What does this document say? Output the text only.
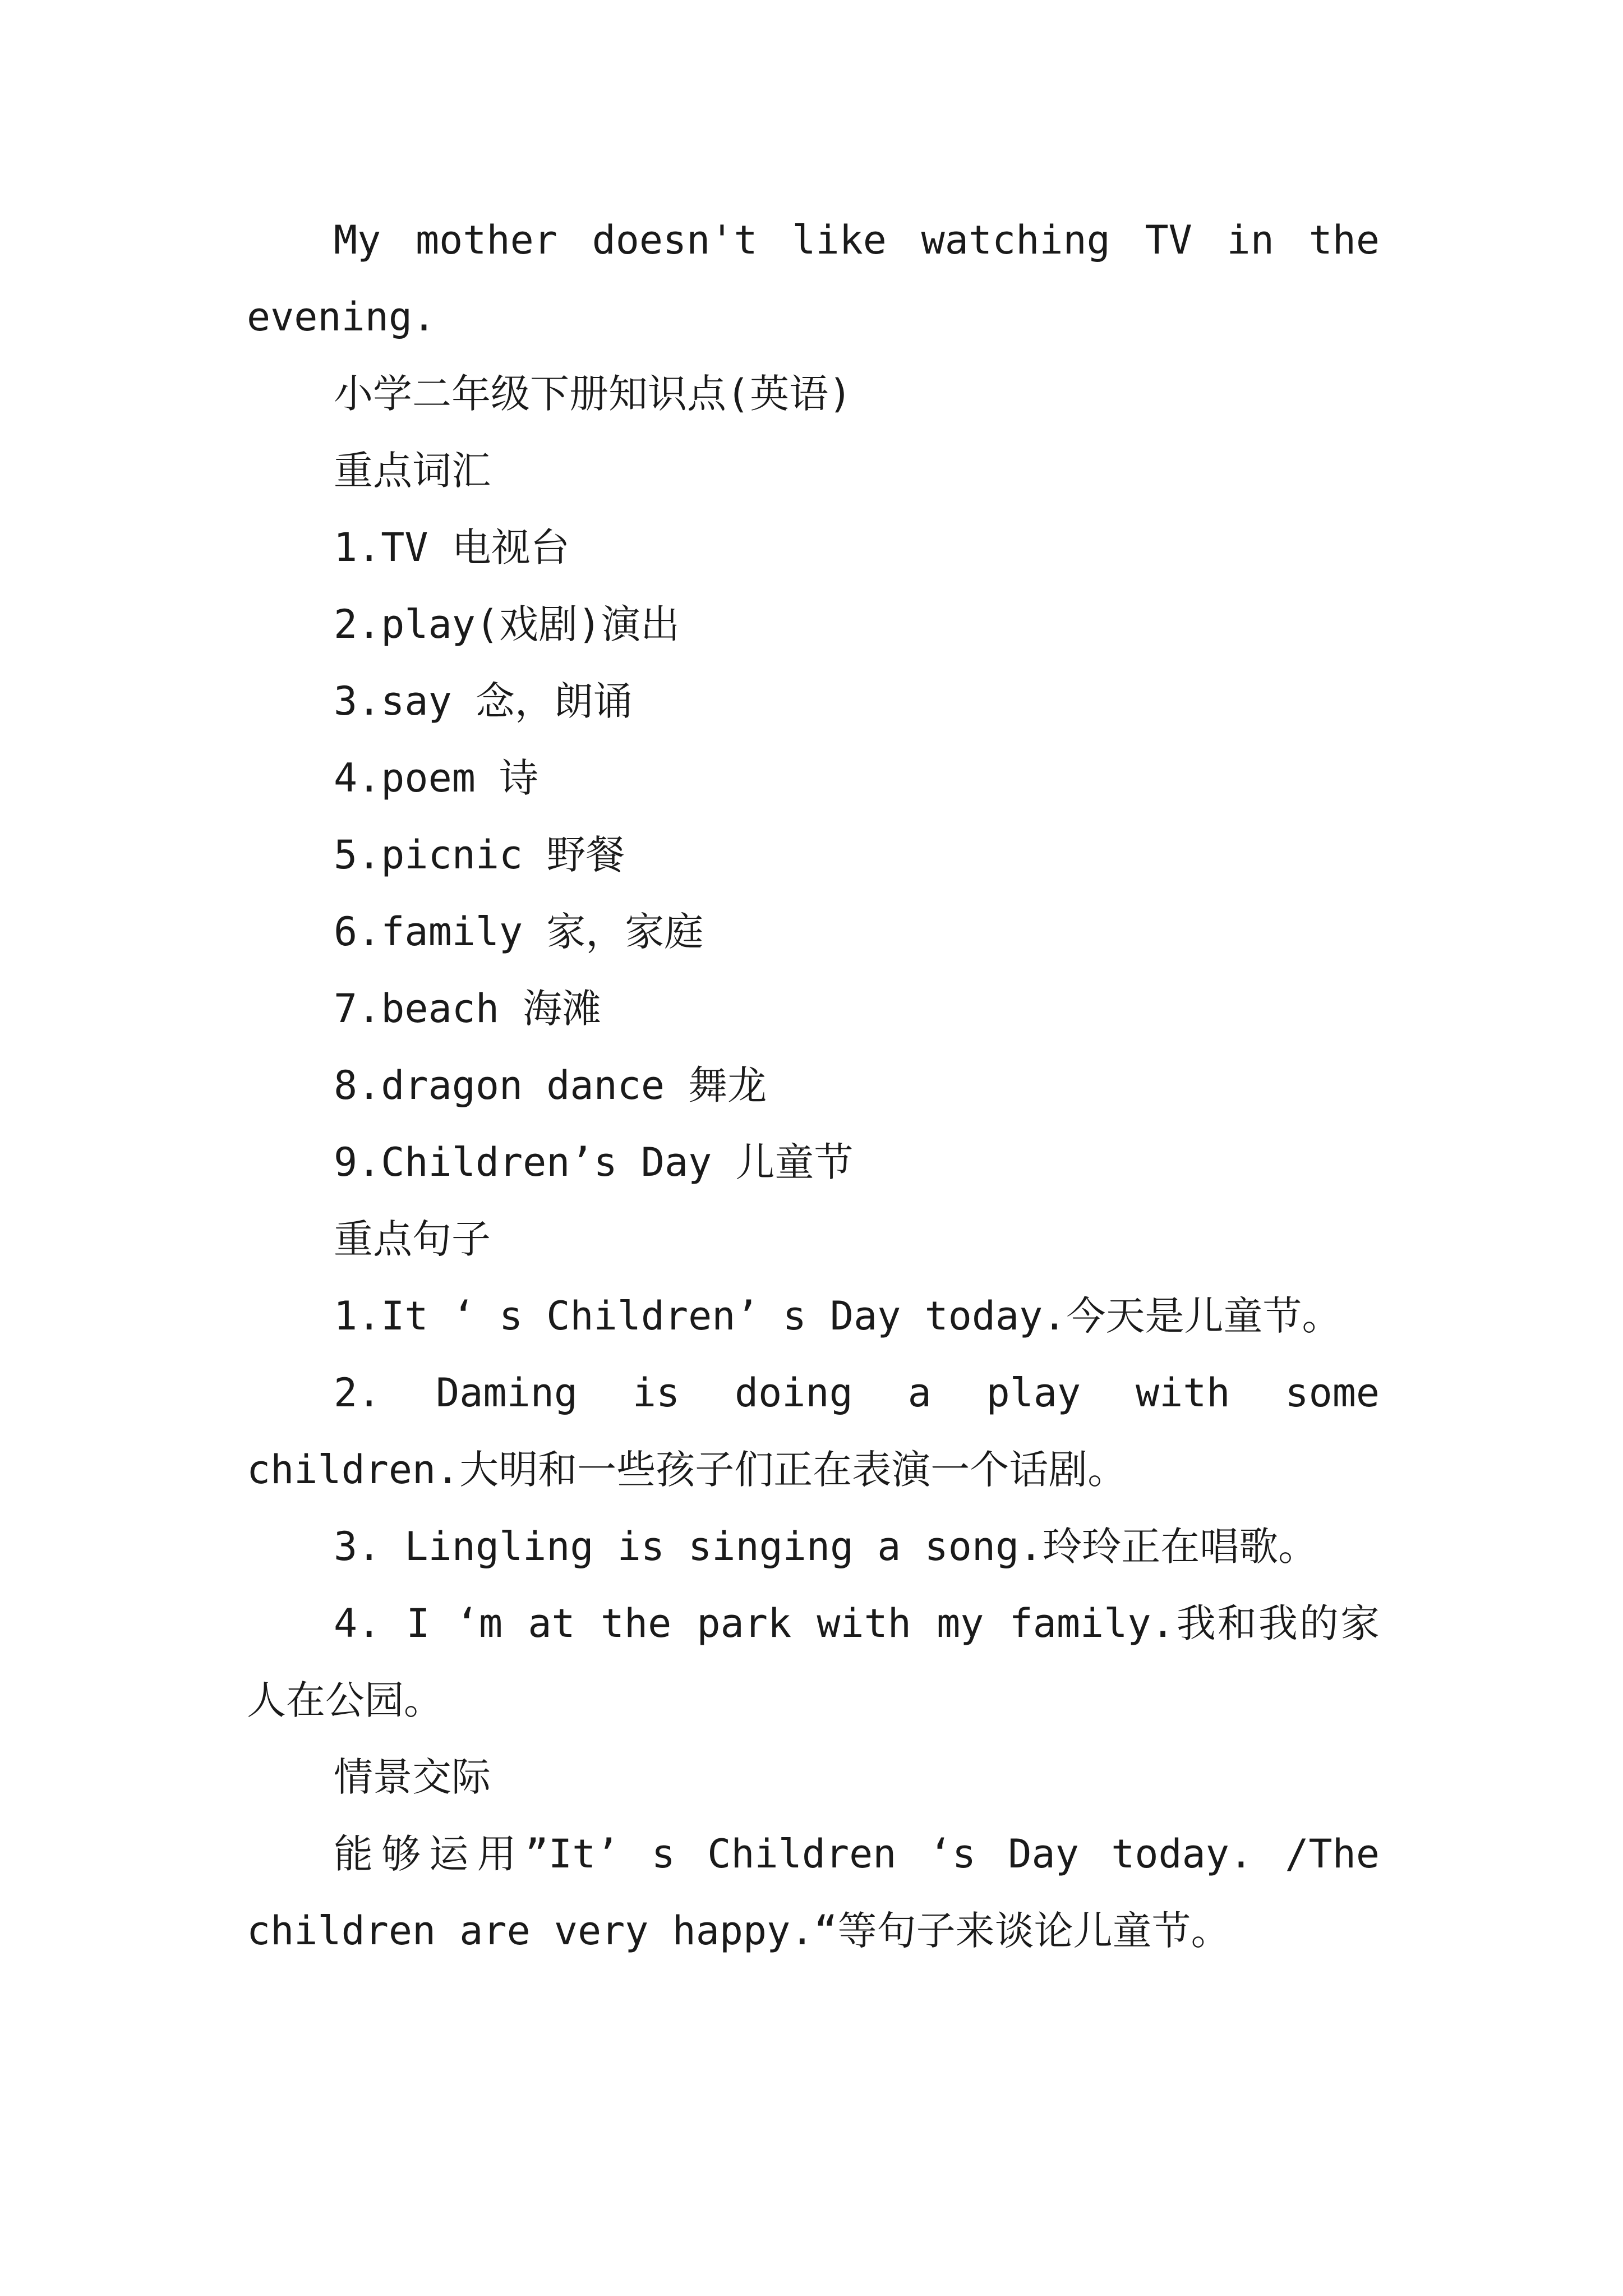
My mother doesn't like watching TV in the evening.

小学二年级下册知识点(英语)

重点词汇

1.TV 电视台

2.play(戏剧)演出

3.say 念，朗诵

4.poem 诗

5.picnic 野餐

6.family 家，家庭

7.beach 海滩

8.dragon dance 舞龙

9.Children’s Day 儿童节

重点句子

1.It ‘ s Children’ s Day today.今天是儿童节。

2. Daming is doing a play with some children.大明和一些孩子们正在表演一个话剧。

3. Lingling is singing a song.玲玲正在唱歌。

4. I ‘m at the park with my family.我和我的家人在公园。

情景交际

能够运用”It’ s Children ‘s Day today. /The children are very happy.“等句子来谈论儿童节。
